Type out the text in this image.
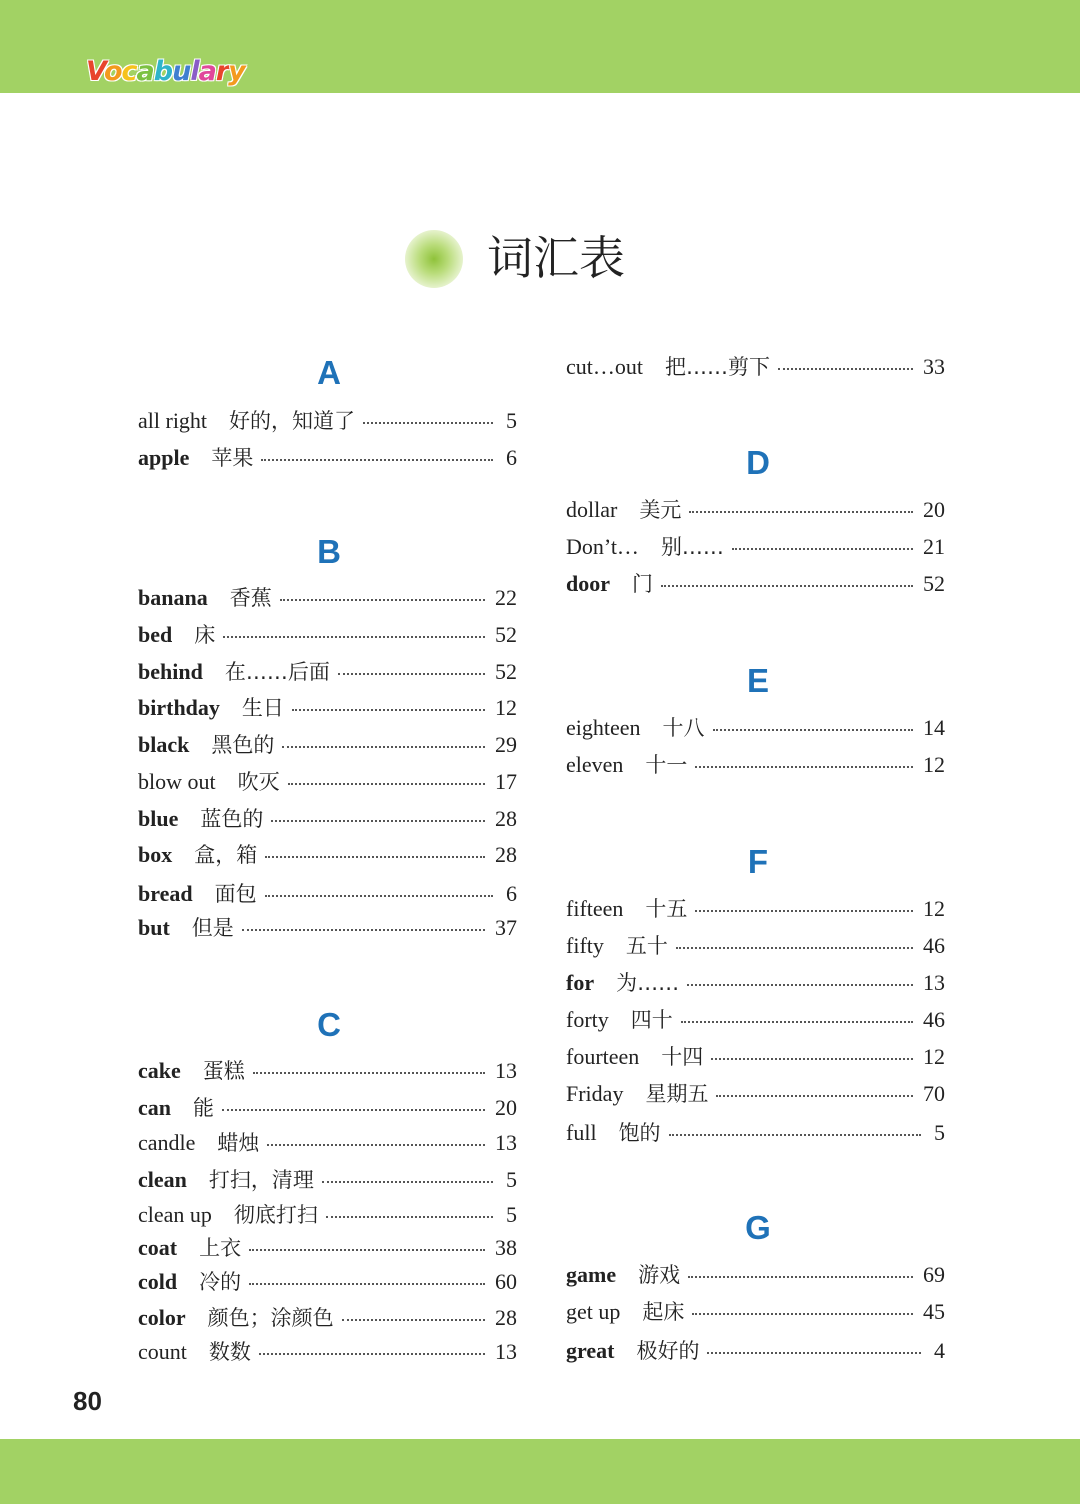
Vocabulary
词汇表
A
all right 好的，知道了	5
apple 苹果	6
B
banana 香蕉	22
bed 床	52
behind 在……后面	52
birthday 生日	12
black 黑色的	29
blow out 吹灭	17
blue 蓝色的	28
box 盒，箱	28
bread 面包	6
but 但是	37
C
cake 蛋糕	13
can 能	20
candle 蜡烛	13
clean 打扫，清理	5
clean up 彻底打扫	5
coat 上衣	38
cold 冷的	60
color 颜色；涂颜色	28
count 数数	13
cut…out 把……剪下	33
D
dollar 美元	20
Don’t… 别……	21
door 门	52
E
eighteen 十八	14
eleven 十一	12
F
fifteen 十五	12
fifty 五十	46
for 为……	13
forty 四十	46
fourteen 十四	12
Friday 星期五	70
full 饱的	5
G
game 游戏	69
get up 起床	45
great 极好的	4
80
